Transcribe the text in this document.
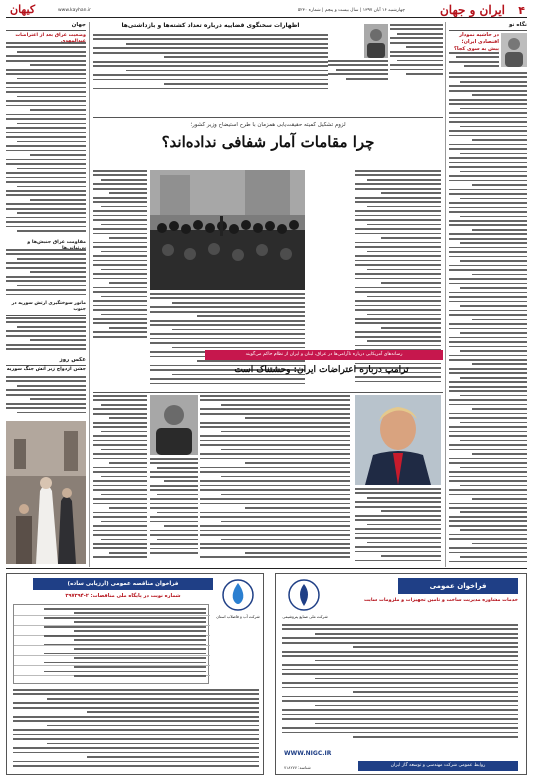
۴
ایران و جهان
چهارشنبه ۱۶ آبان ۱۳۹۷ | سال بیست و پنجم | شماره ۵۲۳۰
www.kayhan.ir
کیهان
نگاه نو
در حاشیه نمودار اقتصادی ایران؛ پیش به سوی کجا؟
جهان
وضعیت عراق بعد از اعتراضات
مقاومت عراق جنبش‌ها و
مانور سوختگیری ارتش سوریه در جنوب
عکس روز
جشن ازدواج زیر آتش جنگ سوریه
اظهارات سخنگوی قضاییه درباره تعداد کشته‌ها و بازداشتی‌ها
لزوم تشکیل کمیته حقیقت‌یابی همزمان با طرح استیضاح وزیر کشور؛
چرا مقامات آمار شفافی نداده‌اند؟
رسانه‌های آمریکایی درباره ناآرامی‌ها در عراق، لبنان و ایران از نظام حاکم می‌گویند
ترامپ درباره اعتراضات ایران: وحشتناک است
فراخوان عمومی
خدمات مشاوره مدیریت ساخت و تامین تجهیزات و ملزومات سایت
شرکت ملی صنایع پتروشیمی
WWW.NIGC.IR
روابط عمومی شرکت مهندسی و توسعه گاز ایران
شناسه: ۷۱۸۲۷۷
فراخوان مناقصه عمومی (ارزیابی ساده)
شماره نوبت در پایگاه ملی مناقصات: ۲-۳۹۷۳۹۴
شرکت آب و فاضلاب استان
